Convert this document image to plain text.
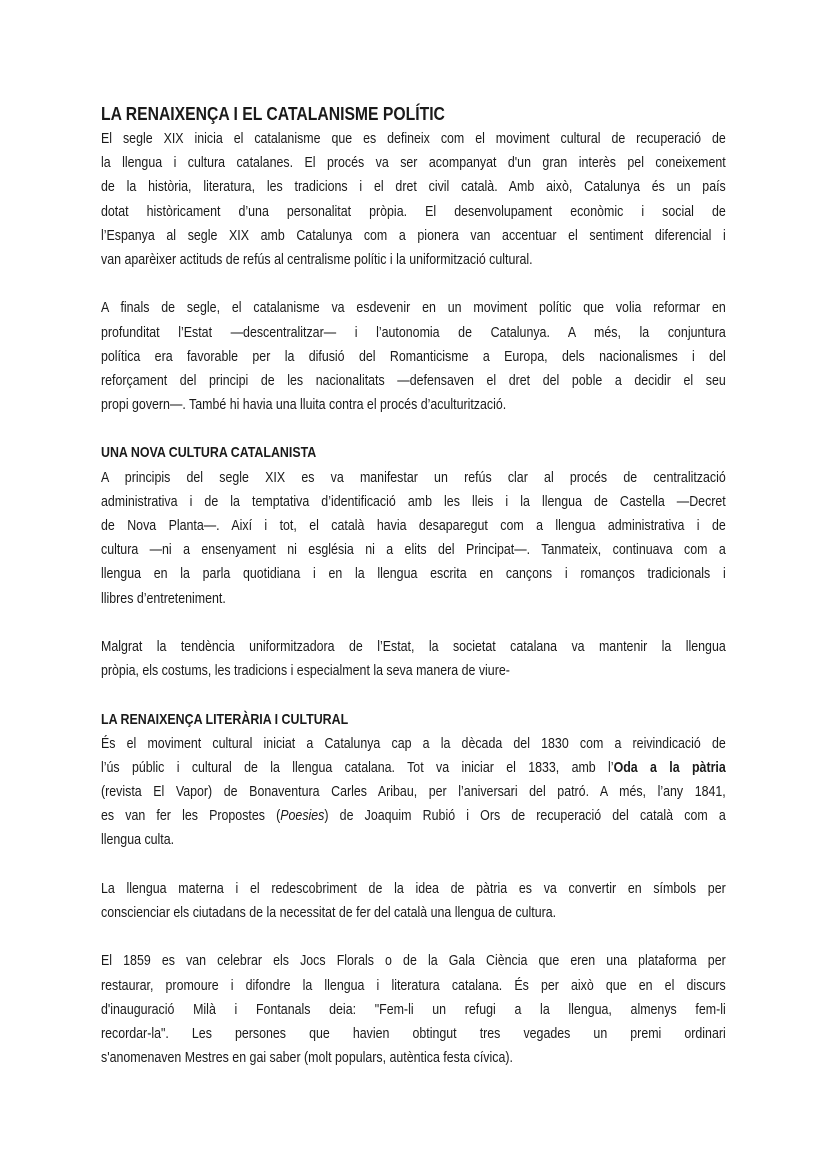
LA RENAIXENÇA I EL CATALANISME POLÍTIC
El segle XIX inicia el catalanisme que es defineix com el moviment cultural de recuperació de
la llengua i cultura catalanes. El procés va ser acompanyat d'un gran interès pel coneixement
de la història, literatura, les tradicions i el dret civil català. Amb això, Catalunya és un país
dotat històricament d’una personalitat pròpia. El desenvolupament econòmic i social de
l’Espanya al segle XIX amb Catalunya com a pionera van accentuar el sentiment diferencial i
van aparèixer actituds de refús al centralisme polític i la uniformització cultural.
A finals de segle, el catalanisme va esdevenir en un moviment polític que volia reformar en
profunditat l’Estat —descentralitzar— i l’autonomia de Catalunya. A més, la conjuntura
política era favorable per la difusió del Romanticisme a Europa, dels nacionalismes i del
reforçament del principi de les nacionalitats —defensaven el dret del poble a decidir el seu
propi govern—. També hi havia una lluita contra el procés d’aculturització.
UNA NOVA CULTURA CATALANISTA
A principis del segle XIX es va manifestar un refús clar al procés de centralització
administrativa i de la temptativa d’identificació amb les lleis i la llengua de Castella —Decret
de Nova Planta—. Així i tot, el català havia desaparegut com a llengua administrativa i de
cultura —ni a ensenyament ni església ni a elits del Principat—. Tanmateix, continuava com a
llengua en la parla quotidiana i en la llengua escrita en cançons i romanços tradicionals i
llibres d’entreteniment.
Malgrat la tendència uniformitzadora de l’Estat, la societat catalana va mantenir la llengua
pròpia, els costums, les tradicions i especialment la seva manera de viure-
LA RENAIXENÇA LITERÀRIA I CULTURAL
És el moviment cultural iniciat a Catalunya cap a la dècada del 1830 com a reivindicació de
l’ús públic i cultural de la llengua catalana. Tot va iniciar el 1833, amb l’Oda a la pàtria
(revista El Vapor) de Bonaventura Carles Aribau, per l’aniversari del patró. A més, l’any 1841,
es van fer les Propostes (Poesies) de Joaquim Rubió i Ors de recuperació del català com a
llengua culta.
La llengua materna i el redescobriment de la idea de pàtria es va convertir en símbols per
conscienciar els ciutadans de la necessitat de fer del català una llengua de cultura.
El 1859 es van celebrar els Jocs Florals o de la Gala Ciència que eren una plataforma per
restaurar, promoure i difondre la llengua i literatura catalana. És per això que en el discurs
d'inauguració Milà i Fontanals deia: "Fem-li un refugi a la llengua, almenys fem-li
recordar-la". Les persones que havien obtingut tres vegades un premi ordinari
s'anomenaven Mestres en gai saber (molt populars, autèntica festa cívica).
